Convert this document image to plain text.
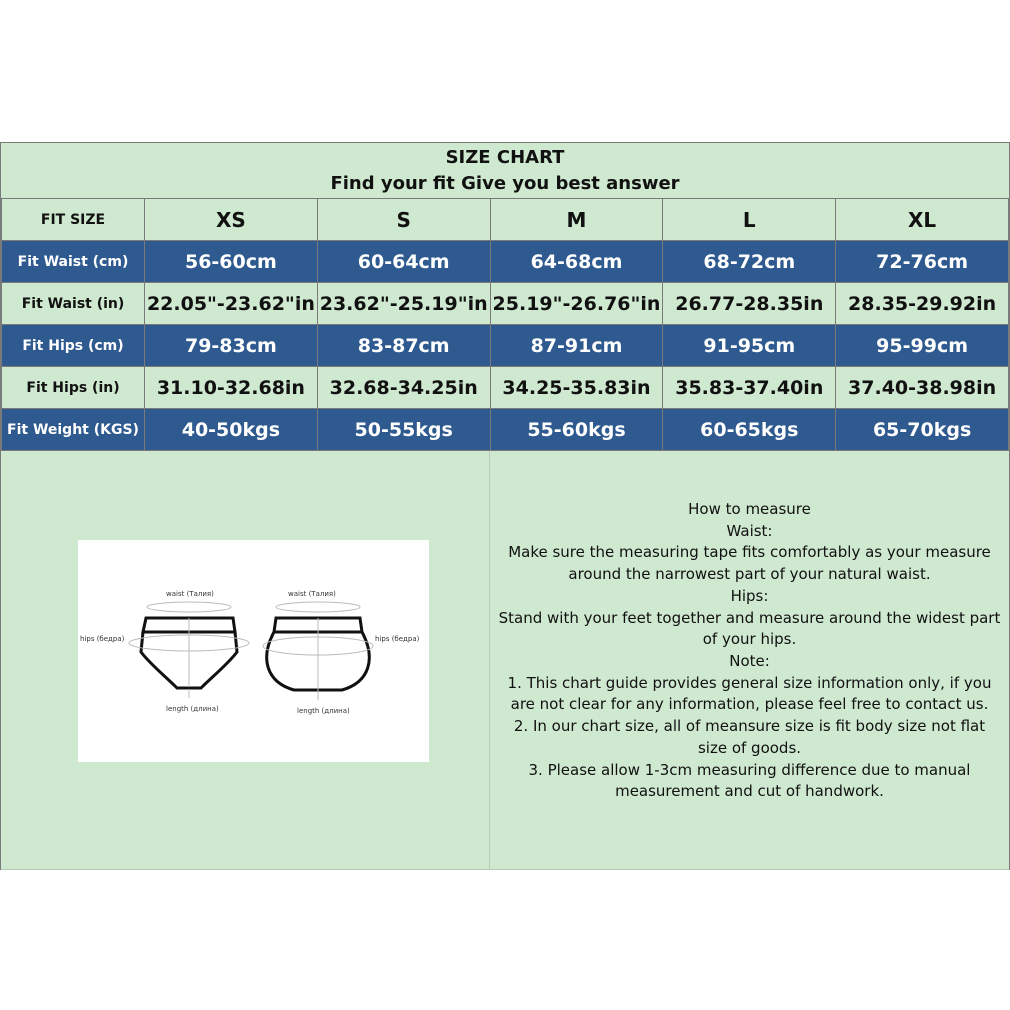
SIZE CHART
Find your fit Give you best answer
FIT SIZE	XS	S	M	L	XL
Fit Waist (cm)	56-60cm	60-64cm	64-68cm	68-72cm	72-76cm
Fit Waist (in)	22.05"-23.62"in	23.62"-25.19"in	25.19"-26.76"in	26.77-28.35in	28.35-29.92in
Fit Hips (cm)	79-83cm	83-87cm	87-91cm	91-95cm	95-99cm
Fit Hips (in)	31.10-32.68in	32.68-34.25in	34.25-35.83in	35.83-37.40in	37.40-38.98in
Fit Weight (KGS)	40-50kgs	50-55kgs	55-60kgs	60-65kgs	65-70kgs
waist (Талия)
hips (бедра)
length (длина)
waist (Талия)
hips (бедра)
length (длина)
How to measure
Waist:
Make sure the measuring tape fits comfortably as your measure around the narrowest part of your natural waist.
Hips:
Stand with your feet together and measure around the widest part of your hips.
Note:
1. This chart guide provides general size information only, if you are not clear for any information, please feel free to contact us.
2. In our chart size, all of meansure size is fit body size not flat size of goods.
3. Please allow 1-3cm measuring difference due to manual measurement and cut of handwork.
